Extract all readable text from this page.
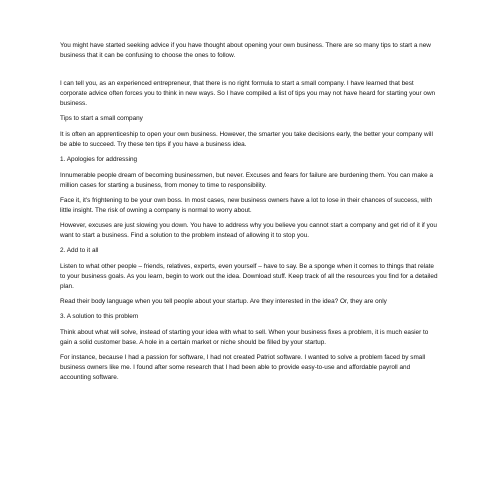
You might have started seeking advice if you have thought about opening your own business. There are so many tips to start a new business that it can be confusing to choose the ones to follow.

I can tell you, as an experienced entrepreneur, that there is no right formula to start a small company. I have learned that best corporate advice often forces you to think in new ways. So I have compiled a list of tips you may not have heard for starting your own business.

Tips to start a small company

It is often an apprenticeship to open your own business. However, the smarter you take decisions early, the better your company will be able to succeed. Try these ten tips if you have a business idea.

1. Apologies for addressing

Innumerable people dream of becoming businessmen, but never. Excuses and fears for failure are burdening them. You can make a million cases for starting a business, from money to time to responsibility.

Face it, it's frightening to be your own boss. In most cases, new business owners have a lot to lose in their chances of success, with little insight. The risk of owning a company is normal to worry about.

However, excuses are just slowing you down. You have to address why you believe you cannot start a company and get rid of it if you want to start a business. Find a solution to the problem instead of allowing it to stop you.

2. Add to it all

Listen to what other people – friends, relatives, experts, even yourself – have to say. Be a sponge when it comes to things that relate to your business goals. As you learn, begin to work out the idea. Download stuff. Keep track of all the resources you find for a detailed plan.

Read their body language when you tell people about your startup. Are they interested in the idea? Or, they are only

3. A solution to this problem

Think about what will solve, instead of starting your idea with what to sell. When your business fixes a problem, it is much easier to gain a solid customer base. A hole in a certain market or niche should be filled by your startup.

For instance, because I had a passion for software, I had not created Patriot software. I wanted to solve a problem faced by small business owners like me. I found after some research that I had been able to provide easy-to-use and affordable payroll and accounting software.
